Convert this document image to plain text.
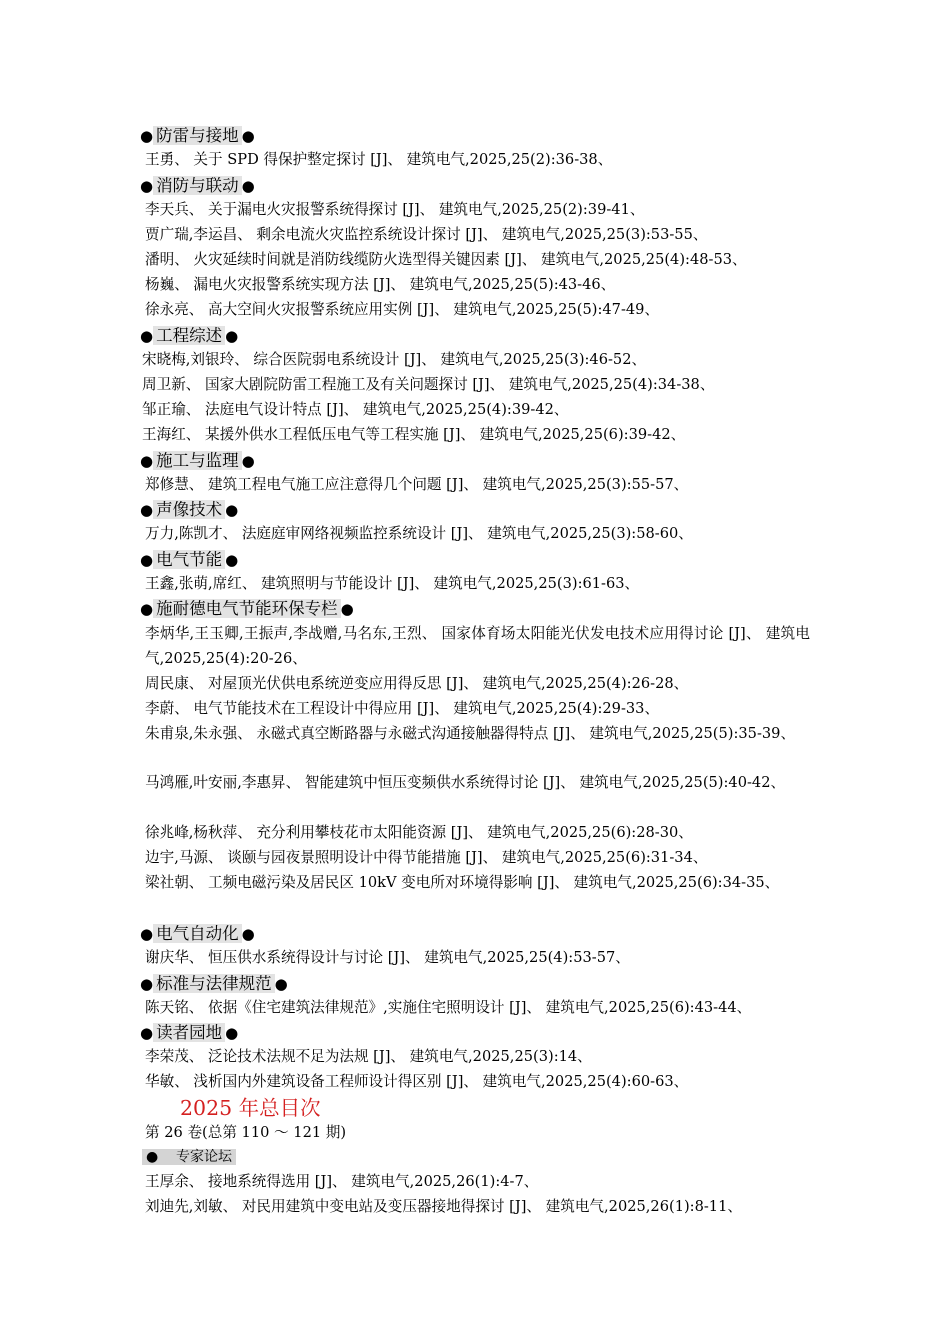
● 防雷与接地 ●
王勇、 关于 SPD 得保护整定探讨 [J]、 建筑电气,2025,25(2):36-38、
● 消防与联动 ●
李天兵、 关于漏电火灾报警系统得探讨 [J]、 建筑电气,2025,25(2):39-41、
贾广瑞,李运昌、 剩余电流火灾监控系统设计探讨 [J]、 建筑电气,2025,25(3):53-55、
潘明、 火灾延续时间就是消防线缆防火选型得关键因素 [J]、 建筑电气,2025,25(4):48-53、
杨巍、 漏电火灾报警系统实现方法 [J]、 建筑电气,2025,25(5):43-46、
徐永亮、 高大空间火灾报警系统应用实例 [J]、 建筑电气,2025,25(5):47-49、
● 工程综述 ●
宋晓梅,刘银玲、 综合医院弱电系统设计 [J]、 建筑电气,2025,25(3):46-52、
周卫新、 国家大剧院防雷工程施工及有关问题探讨 [J]、 建筑电气,2025,25(4):34-38、
邹正瑜、 法庭电气设计特点 [J]、 建筑电气,2025,25(4):39-42、
王海红、 某援外供水工程低压电气等工程实施 [J]、 建筑电气,2025,25(6):39-42、
● 施工与监理 ●
郑修慧、 建筑工程电气施工应注意得几个问题 [J]、 建筑电气,2025,25(3):55-57、
● 声像技术 ●
万力,陈凯才、 法庭庭审网络视频监控系统设计 [J]、 建筑电气,2025,25(3):58-60、
● 电气节能 ●
王鑫,张萌,席红、 建筑照明与节能设计 [J]、 建筑电气,2025,25(3):61-63、
● 施耐德电气节能环保专栏 ●
李炳华,王玉卿,王振声,李战赠,马名东,王烈、 国家体育场太阳能光伏发电技术应用得讨论 [J]、 建筑电气,2025,25(4):20-26、
周民康、 对屋顶光伏供电系统逆变应用得反思 [J]、 建筑电气,2025,25(4):26-28、
李蔚、 电气节能技术在工程设计中得应用 [J]、 建筑电气,2025,25(4):29-33、
朱甫泉,朱永强、 永磁式真空断路器与永磁式沟通接触器得特点 [J]、 建筑电气,2025,25(5):35-39、
马鸿雁,叶安丽,李惠昇、 智能建筑中恒压变频供水系统得讨论 [J]、 建筑电气,2025,25(5):40-42、
徐兆峰,杨秋萍、 充分利用攀枝花市太阳能资源 [J]、 建筑电气,2025,25(6):28-30、
边宇,马源、 谈颐与园夜景照明设计中得节能措施 [J]、 建筑电气,2025,25(6):31-34、
梁社朝、 工频电磁污染及居民区 10kV 变电所对环境得影响 [J]、 建筑电气,2025,25(6):34-35、
● 电气自动化 ●
谢庆华、 恒压供水系统得设计与讨论 [J]、 建筑电气,2025,25(4):53-57、
● 标准与法律规范 ●
陈天铭、 依据《住宅建筑法律规范》,实施住宅照明设计 [J]、 建筑电气,2025,25(6):43-44、
● 读者园地 ●
李荣茂、 泛论技术法规不足为法规 [J]、 建筑电气,2025,25(3):14、
华敏、 浅析国内外建筑设备工程师设计得区别 [J]、 建筑电气,2025,25(4):60-63、
2025 年总目次
第 26 卷(总第 110 ～ 121 期)
● 专家论坛
王厚余、 接地系统得选用 [J]、 建筑电气,2025,26(1):4-7、
刘迪先,刘敏、 对民用建筑中变电站及变压器接地得探讨 [J]、 建筑电气,2025,26(1):8-11、
